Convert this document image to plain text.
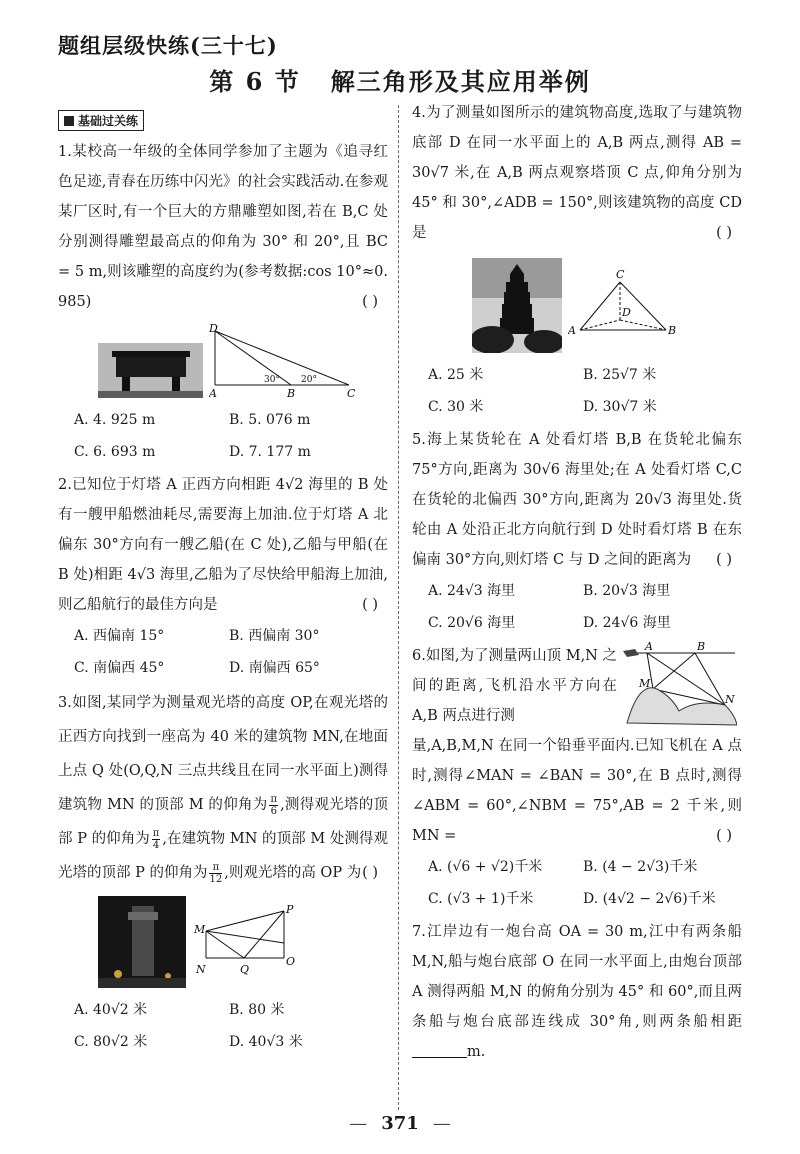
题组层级快练(三十七)
第 6 节 解三角形及其应用举例
基础过关练

1.某校高一年级的全体同学参加了主题为《追寻红色足迹,青春在历练中闪光》的社会实践活动.在参观某厂区时,有一个巨大的方鼎雕塑如图,若在 B,C 处分别测得雕塑最高点的仰角为 30° 和 20°,且 BC = 5 m,则该雕塑的高度约为(参考数据:cos 10°≈0. 985)	( )

D
A	B	C
30° 20°
A. 4. 925 m	B. 5. 076 m
C. 6. 693 m	D. 7. 177 m

2.已知位于灯塔 A 正西方向相距 4√2 海里的 B 处有一艘甲船燃油耗尽,需要海上加油.位于灯塔 A 北偏东 30°方向有一艘乙船(在 C 处),乙船与甲船(在 B 处)相距 4√3 海里,乙船为了尽快给甲船海上加油,则乙船航行的最佳方向是	( )

A. 西偏南 15°	B. 西偏南 30°
C. 南偏西 45°	D. 南偏西 65°

3.如图,某同学为测量观光塔的高度 OP,在观光塔的正西方向找到一座高为 40 米的建筑物 MN,在地面上点 Q 处(O,Q,N 三点共线且在同一水平面上)测得建筑物 MN 的顶部 M 的仰角为 $\frac{\pi}{6}$ ,测得观光塔的顶部 P 的仰角为 $\frac{\pi}{4}$ ,在建筑物 MN 的顶部 M 处测得观光塔的顶部 P 的仰角为 $\frac{\pi}{12}$ ,则观光塔的高 OP 为 ( )

P
M
N	Q
O
A. 40√2 米	B. 80 米
C. 80√2 米	D. 40√3 米

4.为了测量如图所示的建筑物高度,选取了与建筑物底部 D 在同一水平面上的 A,B 两点,测得 AB = 30√7 米,在 A,B 两点观察塔顶 C 点,仰角分别为 45° 和 30°,∠ADB = 150°,则该建筑物的高度 CD 是	( )

C
D
A	B
A. 25 米	B. 25√7 米
C. 30 米	D. 30√7 米

5.海上某货轮在 A 处看灯塔 B,B 在货轮北偏东 75°方向,距离为 30√6 海里处;在 A 处看灯塔 C,C 在货轮的北偏西 30°方向,距离为 20√3 海里处.货轮由 A 处沿正北方向航行到 D 处时看灯塔 B 在东偏南 30°方向,则灯塔 C 与 D 之间的距离为 ( )

A. 24√3 海里	B. 20√3 海里
C. 20√6 海里	D. 24√6 海里

6.如图,为了测量两山顶 M,N 之间的距离,飞机沿水平方向在 A,B 两点进行测

A	B
M
N

量,A,B,M,N 在同一个铅垂平面内.已知飞机在 A 点时,测得∠MAN = ∠BAN = 30°,在 B 点时,测得∠ABM = 60°,∠NBM = 75°,AB = 2 千米,则 MN =	( )

A. (√6 + √2)千米	B. (4 − 2√3)千米
C. (√3 + 1)千米	D. (4√2 − 2√6)千米

7.江岸边有一炮台高 OA = 30 m,江中有两条船 M,N,船与炮台底部 O 在同一水平面上,由炮台顶部 A 测得两船 M,N 的俯角分别为 45° 和 60°,而且两条船与炮台底部连线成 30°角,则两条船相距m.

— 371 —
